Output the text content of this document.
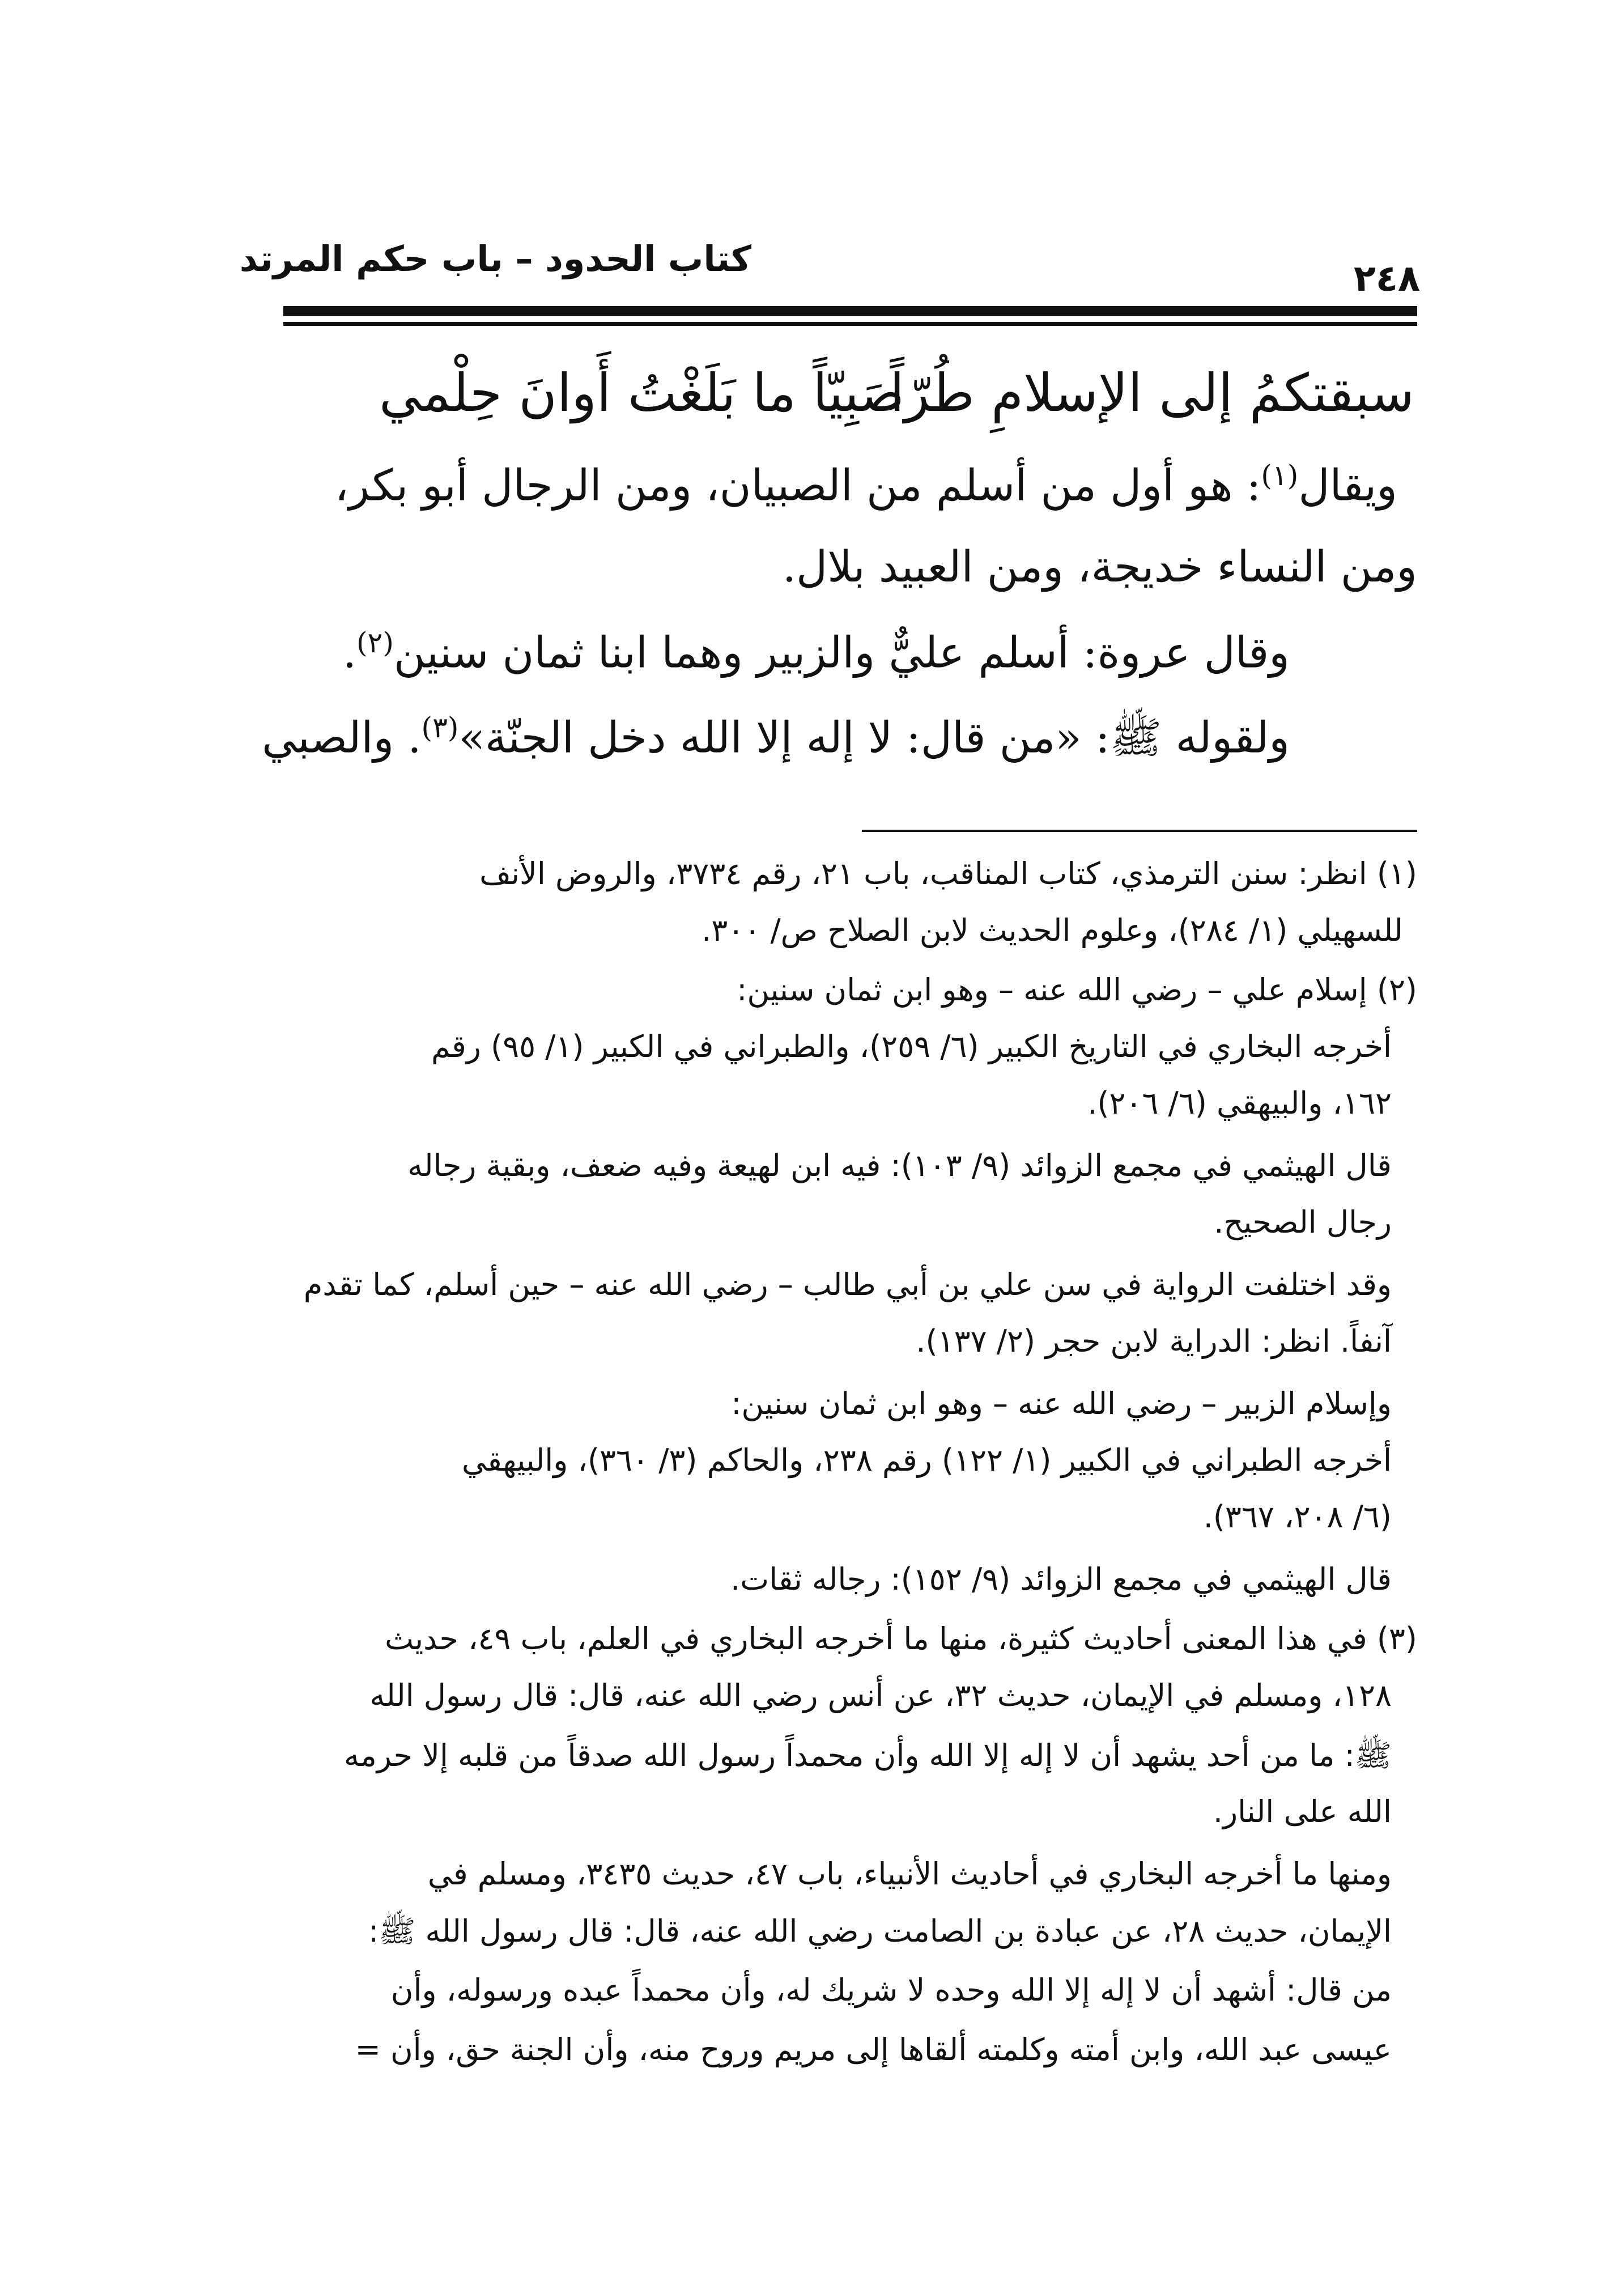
كتاب الحدود – باب حكم المرتد	٢٤٨
سبقتكمُ إلى الإسلامِ طُرّاً
صَبِيّاً ما بَلَغْتُ أَوانَ حِلْمي
ويقال$^{(١)}$: هو أول من أسلم من الصبيان، ومن الرجال أبو بكر،
ومن النساء خديجة، ومن العبيد بلال.
وقال عروة: أسلم عليٌّ والزبير وهما ابنا ثمان سنين$^{(٢)}$.
ولقوله ﷺ: «من قال: لا إله إلا الله دخل الجنّة»$^{(٣)}$. والصبي
(١) انظر: سنن الترمذي، كتاب المناقب، باب ٢١، رقم ٣٧٣٤، والروض الأنف
للسهيلي (١/ ٢٨٤)، وعلوم الحديث لابن الصلاح ص/ ٣٠٠.
(٢) إسلام علي – رضي الله عنه – وهو ابن ثمان سنين:
أخرجه البخاري في التاريخ الكبير (٦/ ٢٥٩)، والطبراني في الكبير (١/ ٩٥) رقم
١٦٢، والبيهقي (٦/ ٢٠٦).
قال الهيثمي في مجمع الزوائد (٩/ ١٠٣): فيه ابن لهيعة وفيه ضعف، وبقية رجاله
رجال الصحيح.
وقد اختلفت الرواية في سن علي بن أبي طالب – رضي الله عنه – حين أسلم، كما تقدم
آنفاً. انظر: الدراية لابن حجر (٢/ ١٣٧).
وإسلام الزبير – رضي الله عنه – وهو ابن ثمان سنين:
أخرجه الطبراني في الكبير (١/ ١٢٢) رقم ٢٣٨، والحاكم (٣/ ٣٦٠)، والبيهقي
(٦/ ٢٠٨، ٣٦٧).
قال الهيثمي في مجمع الزوائد (٩/ ١٥٢): رجاله ثقات.
(٣) في هذا المعنى أحاديث كثيرة، منها ما أخرجه البخاري في العلم، باب ٤٩، حديث
١٢٨، ومسلم في الإيمان، حديث ٣٢، عن أنس رضي الله عنه، قال: قال رسول الله
ﷺ: ما من أحد يشهد أن لا إله إلا الله وأن محمداً رسول الله صدقاً من قلبه إلا حرمه
الله على النار.
ومنها ما أخرجه البخاري في أحاديث الأنبياء، باب ٤٧، حديث ٣٤٣٥، ومسلم في
الإيمان، حديث ٢٨، عن عبادة بن الصامت رضي الله عنه، قال: قال رسول الله ﷺ:
من قال: أشهد أن لا إله إلا الله وحده لا شريك له، وأن محمداً عبده ورسوله، وأن
عيسى عبد الله، وابن أمته وكلمته ألقاها إلى مريم وروح منه، وأن الجنة حق، وأن =
